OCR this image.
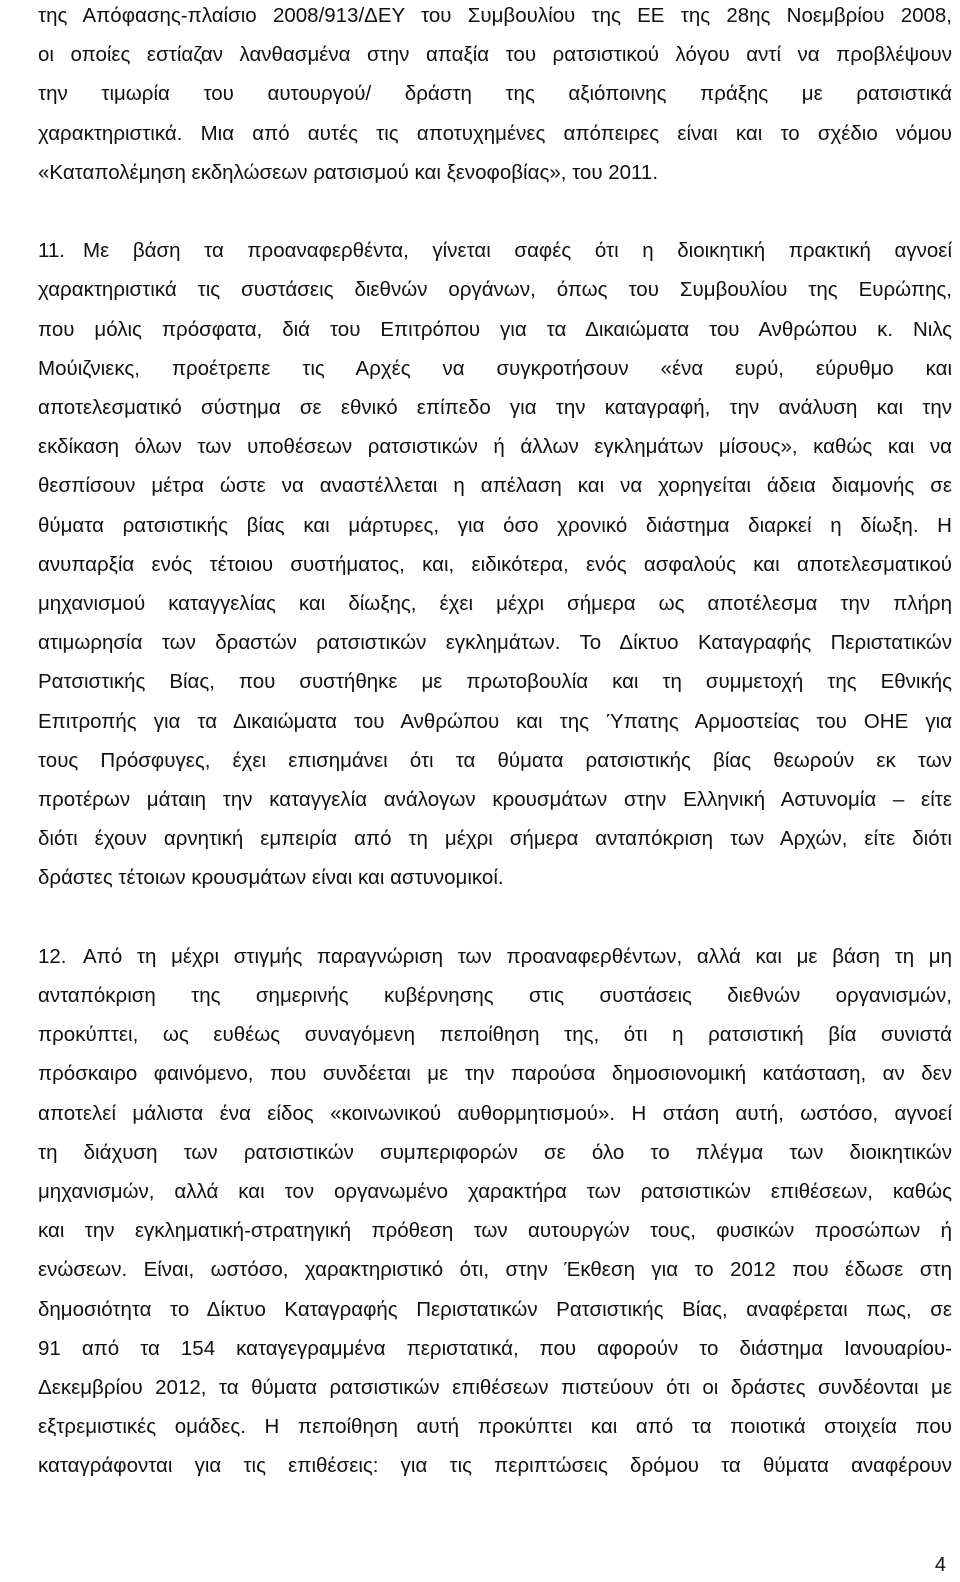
της Απόφασης-πλαίσιο 2008/913/ΔΕΥ του Συμβουλίου της ΕΕ της 28ης Νοεμβρίου 2008,
οι οποίες εστίαζαν λανθασμένα στην απαξία του ρατσιστικού λόγου αντί να προβλέψουν
την τιμωρία του αυτουργού/ δράστη της αξιόποινης πράξης με ρατσιστικά
χαρακτηριστικά. Μια από αυτές τις αποτυχημένες απόπειρες είναι και το σχέδιο νόμου
«Καταπολέμηση εκδηλώσεων ρατσισμού και ξενοφοβίας», του 2011.
11. Με βάση τα προαναφερθέντα, γίνεται σαφές ότι η διοικητική πρακτική αγνοεί
χαρακτηριστικά τις συστάσεις διεθνών οργάνων, όπως του Συμβουλίου της Ευρώπης,
που μόλις πρόσφατα, διά του Επιτρόπου για τα Δικαιώματα του Ανθρώπου κ. Νιλς
Μούιζνιεκς, προέτρεπε τις Αρχές να συγκροτήσουν «ένα ευρύ, εύρυθμο και
αποτελεσματικό σύστημα σε εθνικό επίπεδο για την καταγραφή, την ανάλυση και την
εκδίκαση όλων των υποθέσεων ρατσιστικών ή άλλων εγκλημάτων μίσους», καθώς και να
θεσπίσουν μέτρα ώστε να αναστέλλεται η απέλαση και να χορηγείται άδεια διαμονής σε
θύματα ρατσιστικής βίας και μάρτυρες, για όσο χρονικό διάστημα διαρκεί η δίωξη. Η
ανυπαρξία ενός τέτοιου συστήματος, και, ειδικότερα, ενός ασφαλούς και αποτελεσματικού
μηχανισμού καταγγελίας και δίωξης, έχει μέχρι σήμερα ως αποτέλεσμα την πλήρη
ατιμωρησία των δραστών ρατσιστικών εγκλημάτων. Το Δίκτυο Καταγραφής Περιστατικών
Ρατσιστικής Βίας, που συστήθηκε με πρωτοβουλία και τη συμμετοχή της Εθνικής
Επιτροπής για τα Δικαιώματα του Ανθρώπου και της Ύπατης Αρμοστείας του ΟΗΕ για
τους Πρόσφυγες, έχει επισημάνει ότι τα θύματα ρατσιστικής βίας θεωρούν εκ των
προτέρων μάταιη την καταγγελία ανάλογων κρουσμάτων στην Ελληνική Αστυνομία – είτε
διότι έχουν αρνητική εμπειρία από τη μέχρι σήμερα ανταπόκριση των Αρχών, είτε διότι
δράστες τέτοιων κρουσμάτων είναι και αστυνομικοί.
12. Από τη μέχρι στιγμής παραγνώριση των προαναφερθέντων, αλλά και με βάση τη μη
ανταπόκριση της σημερινής κυβέρνησης στις συστάσεις διεθνών οργανισμών,
προκύπτει, ως ευθέως συναγόμενη πεποίθηση της, ότι η ρατσιστική βία συνιστά
πρόσκαιρο φαινόμενο, που συνδέεται με την παρούσα δημοσιονομική κατάσταση, αν δεν
αποτελεί μάλιστα ένα είδος «κοινωνικού αυθορμητισμού». Η στάση αυτή, ωστόσο, αγνοεί
τη διάχυση των ρατσιστικών συμπεριφορών σε όλο το πλέγμα των διοικητικών
μηχανισμών, αλλά και τον οργανωμένο χαρακτήρα των ρατσιστικών επιθέσεων, καθώς
και την εγκληματική-στρατηγική πρόθεση των αυτουργών τους, φυσικών προσώπων ή
ενώσεων. Είναι, ωστόσο, χαρακτηριστικό ότι, στην Έκθεση για το 2012 που έδωσε στη
δημοσιότητα το Δίκτυο Καταγραφής Περιστατικών Ρατσιστικής Βίας, αναφέρεται πως, σε
91 από τα 154 καταγεγραμμένα περιστατικά, που αφορούν το διάστημα Ιανουαρίου-
Δεκεμβρίου 2012, τα θύματα ρατσιστικών επιθέσεων πιστεύουν ότι οι δράστες συνδέονται με
εξτρεμιστικές ομάδες. Η πεποίθηση αυτή προκύπτει και από τα ποιοτικά στοιχεία που
καταγράφονται για τις επιθέσεις: για τις περιπτώσεις δρόμου τα θύματα αναφέρουν
4
